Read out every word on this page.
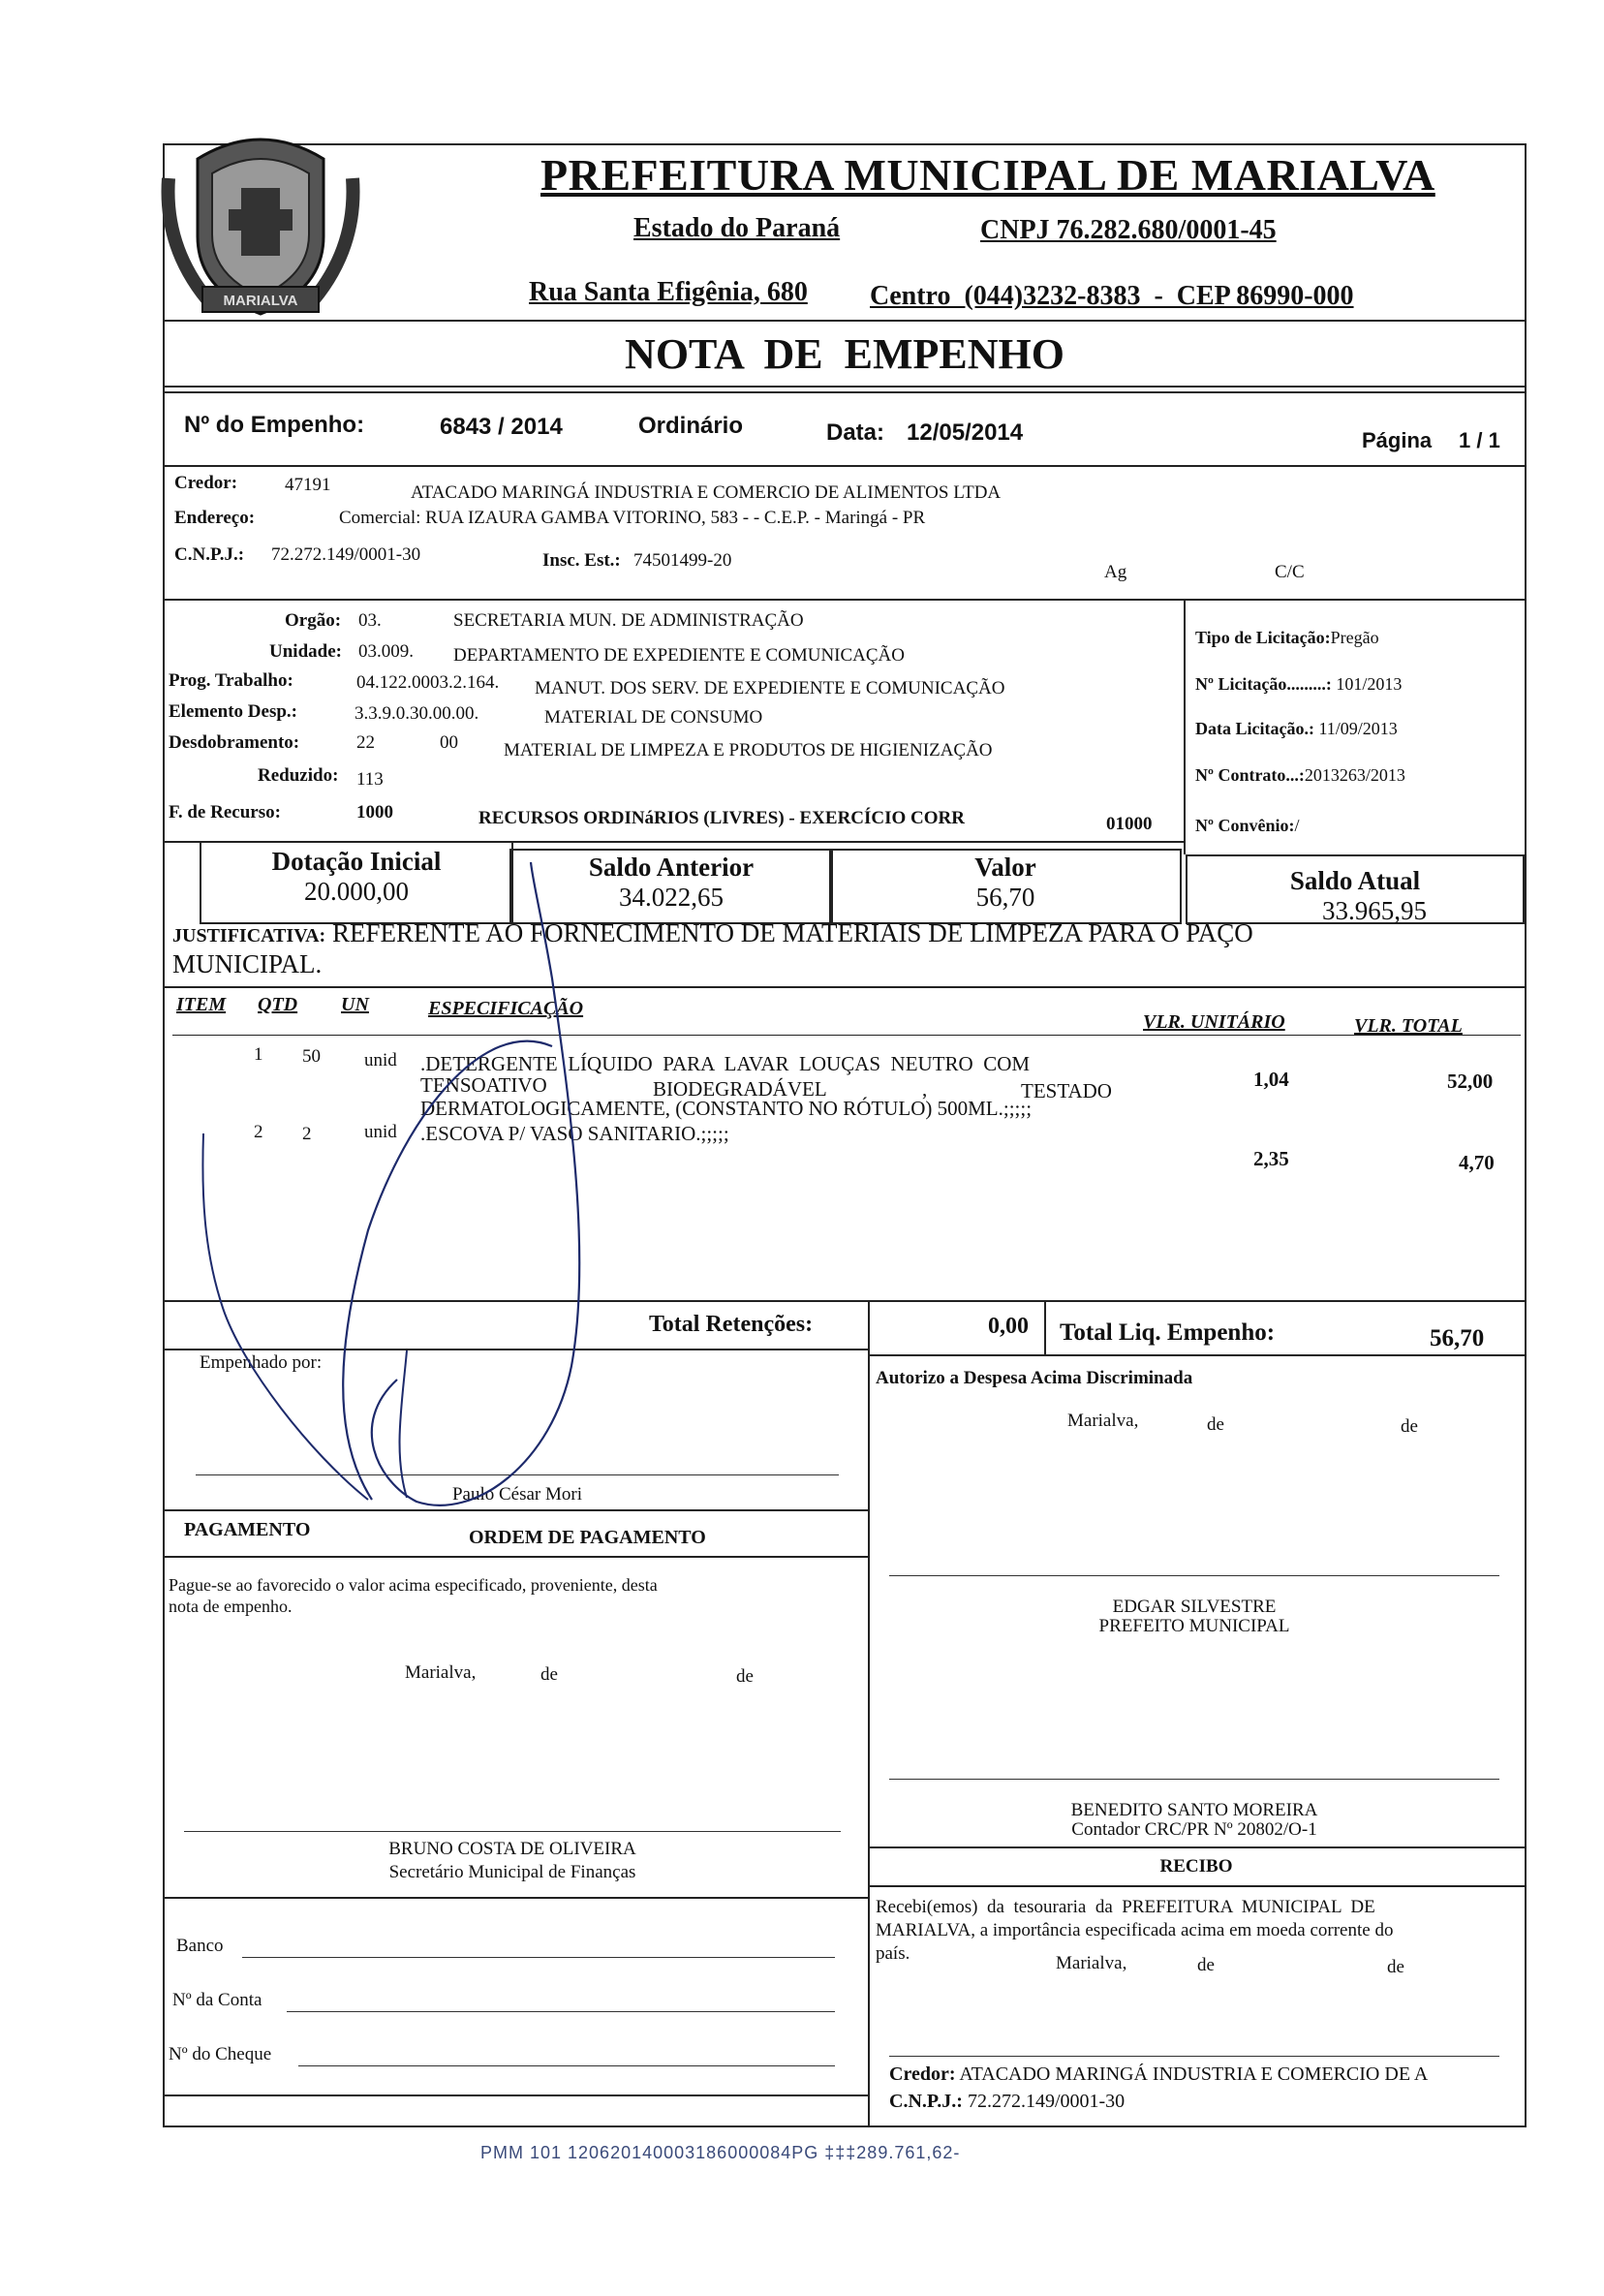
MARIALVA
PREFEITURA MUNICIPAL DE MARIALVA
Estado do Paraná	CNPJ 76.282.680/0001-45
Rua Santa Efigênia, 680 Centro  (044)3232-8383  -  CEP 86990-000
NOTA  DE  EMPENHO
Nº do Empenho:	6843 / 2014	Ordinário	Data: 12/05/2014	Página 1 / 1
Credor:	47191	ATACADO MARINGÁ INDUSTRIA E COMERCIO DE ALIMENTOS LTDA
Endereço:	Comercial: RUA IZAURA GAMBA VITORINO, 583 - - C.E.P. - Maringá - PR
C.N.P.J.: 72.272.149/0001-30	Insc. Est.: 74501499-20
Ag	C/C
Orgão: 03.	SECRETARIA MUN. DE ADMINISTRAÇÃO
Unidade: 03.009. DEPARTAMENTO DE EXPEDIENTE E COMUNICAÇÃO
Prog. Trabalho:	04.122.0003.2.164. MANUT. DOS SERV. DE EXPEDIENTE E COMUNICAÇÃO
Elemento Desp.:	3.3.9.0.30.00.00.	MATERIAL DE CONSUMO
Desdobramento:	22	00 MATERIAL DE LIMPEZA E PRODUTOS DE HIGIENIZAÇÃO
Reduzido: 113
F. de Recurso:	1000	RECURSOS ORDINáRIOS (LIVRES) - EXERCÍCIO CORR	01000
Tipo de Licitação:Pregão
Nº Licitação.........: 101/2013
Data Licitação.: 11/09/2013
Nº Contrato...:2013263/2013
Nº Convênio:/
Dotação Inicial
20.000,00
Saldo Anterior
34.022,65
Valor
56,70
Saldo Atual
33.965,95
JUSTIFICATIVA: REFERENTE AO FORNECIMENTO DE MATERIAIS DE LIMPEZA PARA O PAÇO
MUNICIPAL.
ITEM QTD UN	ESPECIFICAÇÃO
VLR. UNITÁRIO	VLR. TOTAL
1 50 unid .DETERGENTE  LÍQUIDO  PARA  LAVAR  LOUÇAS  NEUTRO  COM
TENSOATIVO	BIODEGRADÁVEL	,	TESTADO
DERMATOLOGICAMENTE, (CONSTANTO NO RÓTULO) 500ML.;;;;;
1,04	52,00
2 2	unid .ESCOVA P/ VASO SANITARIO.;;;;;
2,35	4,70
Total Retenções:	0,00 Total Liq. Empenho:	56,70
Empenhado por:
Autorizo a Despesa Acima Discriminada
Marialva,	de	de
Paulo César Mori
PAGAMENTO	ORDEM DE PAGAMENTO
Pague-se ao favorecido o valor acima especificado, proveniente, desta
nota de empenho.
Marialva,	de	de
EDGAR SILVESTRE
PREFEITO MUNICIPAL
BENEDITO SANTO MOREIRA
Contador CRC/PR Nº 20802/O-1
BRUNO COSTA DE OLIVEIRA
Secretário Municipal de Finanças	RECIBO
Recebi(emos)  da  tesouraria  da  PREFEITURA  MUNICIPAL  DE
MARIALVA, a importância especificada acima em moeda corrente do
país.	Marialva,	de	de
Banco
Nº da Conta
Nº do Cheque
Credor: ATACADO MARINGÁ INDUSTRIA E COMERCIO DE A
C.N.P.J.: 72.272.149/0001-30
PMM 101 120620140003186000084PG ‡‡‡289.761,62-
